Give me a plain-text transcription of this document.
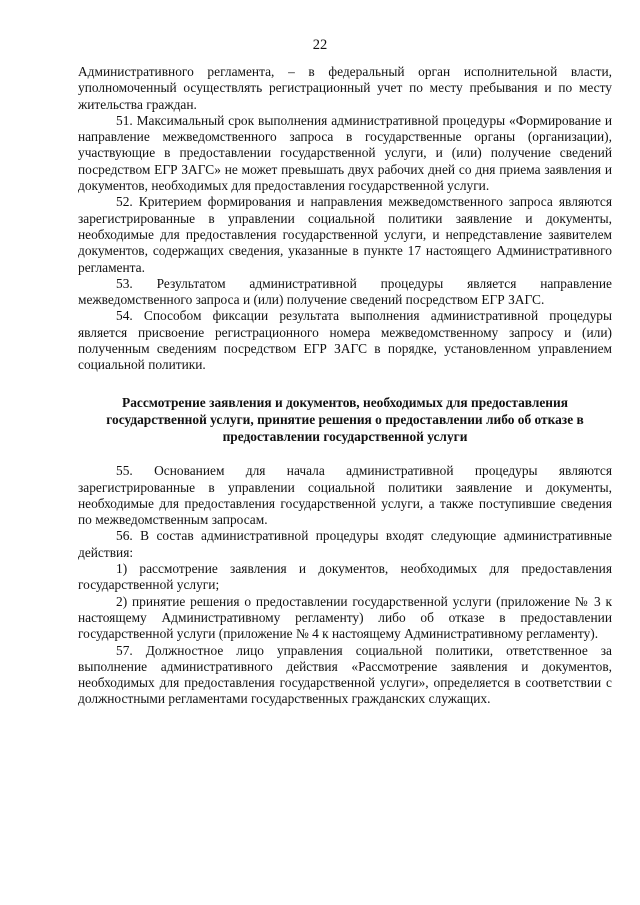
22

Административного регламента, – в федеральный орган исполнительной власти, уполномоченный осуществлять регистрационный учет по месту пребывания и по месту жительства граждан.

51. Максимальный срок выполнения административной процедуры «Формирование и направление межведомственного запроса в государственные органы (организации), участвующие в предоставлении государственной услуги, и (или) получение сведений посредством ЕГР ЗАГС» не может превышать двух рабочих дней со дня приема заявления и документов, необходимых для предоставления государственной услуги.

52. Критерием формирования и направления межведомственного запроса являются зарегистрированные в управлении социальной политики заявление и документы, необходимые для предоставления государственной услуги, и непредставление заявителем документов, содержащих сведения, указанные в пункте 17 настоящего Административного регламента.

53. Результатом административной процедуры является направление межведомственного запроса и (или) получение сведений посредством ЕГР ЗАГС.

54. Способом фиксации результата выполнения административной процедуры является присвоение регистрационного номера межведомственному запросу и (или) полученным сведениям посредством ЕГР ЗАГС в порядке, установленном управлением социальной политики.

Рассмотрение заявления и документов, необходимых для предоставления государственной услуги, принятие решения о предоставлении либо об отказе в предоставлении государственной услуги

55. Основанием для начала административной процедуры являются зарегистрированные в управлении социальной политики заявление и документы, необходимые для предоставления государственной услуги, а также поступившие сведения по межведомственным запросам.

56. В состав административной процедуры входят следующие административные действия:

1) рассмотрение заявления и документов, необходимых для предоставления государственной услуги;

2) принятие решения о предоставлении государственной услуги (приложение № 3 к настоящему Административному регламенту) либо об отказе в предоставлении государственной услуги (приложение № 4 к настоящему Административному регламенту).

57. Должностное лицо управления социальной политики, ответственное за выполнение административного действия «Рассмотрение заявления и документов, необходимых для предоставления государственной услуги», определяется в соответствии с должностными регламентами государственных гражданских служащих.
